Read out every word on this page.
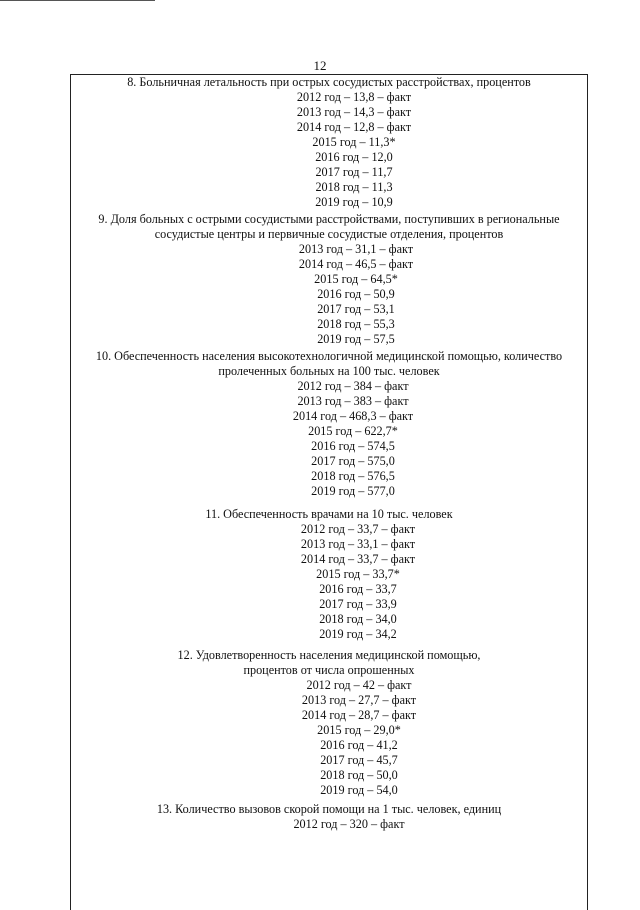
12
8. Больничная летальность при острых сосудистых расстройствах, процентов
2012 год – 13,8 – факт
2013 год – 14,3 – факт
2014 год – 12,8 – факт
2015 год – 11,3*
2016 год – 12,0
2017 год – 11,7
2018 год – 11,3
2019 год – 10,9
9. Доля больных с острыми сосудистыми расстройствами, поступивших в региональные
сосудистые центры и первичные сосудистые отделения, процентов
2013 год – 31,1 – факт
2014 год – 46,5 – факт
2015 год – 64,5*
2016 год – 50,9
2017 год – 53,1
2018 год – 55,3
2019 год – 57,5
10. Обеспеченность населения высокотехнологичной медицинской помощью, количество
пролеченных больных на 100 тыс. человек
2012 год – 384 – факт
2013 год – 383 – факт
2014 год – 468,3 – факт
2015 год – 622,7*
2016 год – 574,5
2017 год – 575,0
2018 год – 576,5
2019 год – 577,0
11. Обеспеченность врачами на 10 тыс. человек
2012 год – 33,7 – факт
2013 год – 33,1 – факт
2014 год – 33,7 – факт
2015 год – 33,7*
2016 год – 33,7
2017 год – 33,9
2018 год – 34,0
2019 год – 34,2
12. Удовлетворенность населения медицинской помощью,
процентов от числа опрошенных
2012 год – 42 – факт
2013 год – 27,7 – факт
2014 год – 28,7 – факт
2015 год – 29,0*
2016 год – 41,2
2017 год – 45,7
2018 год – 50,0
2019 год – 54,0
13. Количество вызовов скорой помощи на 1 тыс. человек, единиц
2012 год – 320 – факт
